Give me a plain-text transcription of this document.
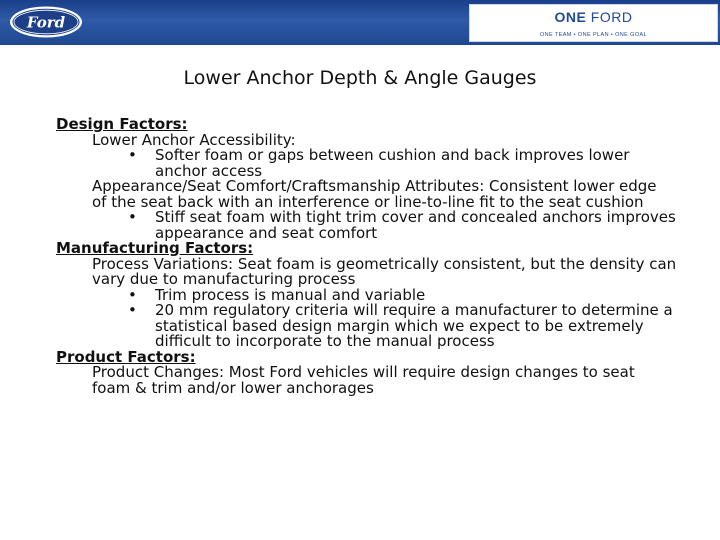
Ford	ONE FORD
ONE TEAM • ONE PLAN • ONE GOAL
Lower Anchor Depth & Angle Gauges

Design Factors:

Lower Anchor Accessibility:

• Softer foam or gaps between cushion and back improves lower

anchor access

Appearance/Seat Comfort/Craftsmanship Attributes: Consistent lower edge

of the seat back with an interference or line-to-line fit to the seat cushion

• Stiff seat foam with tight trim cover and concealed anchors improves

appearance and seat comfort

Manufacturing Factors:

Process Variations: Seat foam is geometrically consistent, but the density can

vary due to manufacturing process

• Trim process is manual and variable

• 20 mm regulatory criteria will require a manufacturer to determine a

statistical based design margin which we expect to be extremely

difficult to incorporate to the manual process

Product Factors:

Product Changes: Most Ford vehicles will require design changes to seat

foam & trim and/or lower anchorages
